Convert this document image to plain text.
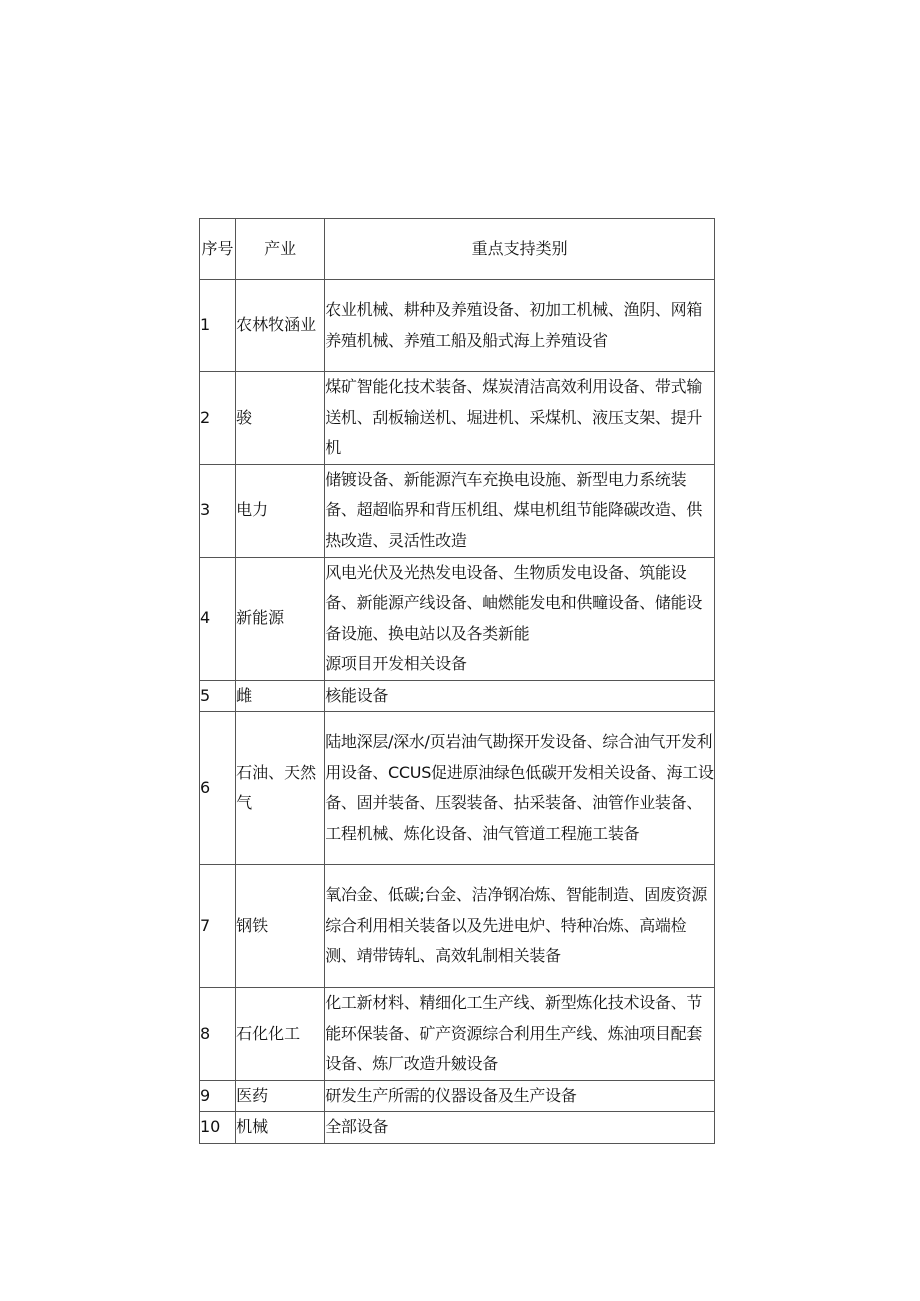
序号	产业	重点支持类别
1	农林牧涵业	农业机械、耕种及养殖设备、初加工机械、渔阴、网箱养殖机械、养殖工船及船式海上养殖设省
2	骏	煤矿智能化技术装备、煤炭清洁高效利用设备、带式输送机、刮板输送机、堀进机、采煤机、液压支架、提升机
3	电力	储镀设备、新能源汽车充换电设施、新型电力系统装备、超超临界和背压机组、煤电机组节能降碳改造、供热改造、灵活性改造
4	新能源	风电光伏及光热发电设备、生物质发电设备、筑能设备、新能源产线设备、岫燃能发电和供疃设备、储能设备设施、换电站以及各类新能
源项目开发相关设备
5	雌	核能设备
6	石油、天然气	陆地深层/深水/页岩油气勘探开发设备、综合油气开发利用设备、CCUS促进原油绿色低碳开发相关设备、海工设备、固并装备、压裂装备、拈采装备、油管作业装备、工程机械、炼化设备、油气管道工程施工装备
7	钢铁	氧冶金、低碳;台金、洁净钢冶炼、智能制造、固废资源综合利用相关装备以及先进电炉、特种冶炼、高端检测、靖带铸轧、高效轧制相关装备
8	石化化工	化工新材料、精细化工生产线、新型炼化技术设备、节能环保装备、矿产资源综合利用生产线、炼油项目配套设备、炼厂改造升皴设备
9	医药	研发生产所需的仪器设备及生产设备
10	机械	全部设备
